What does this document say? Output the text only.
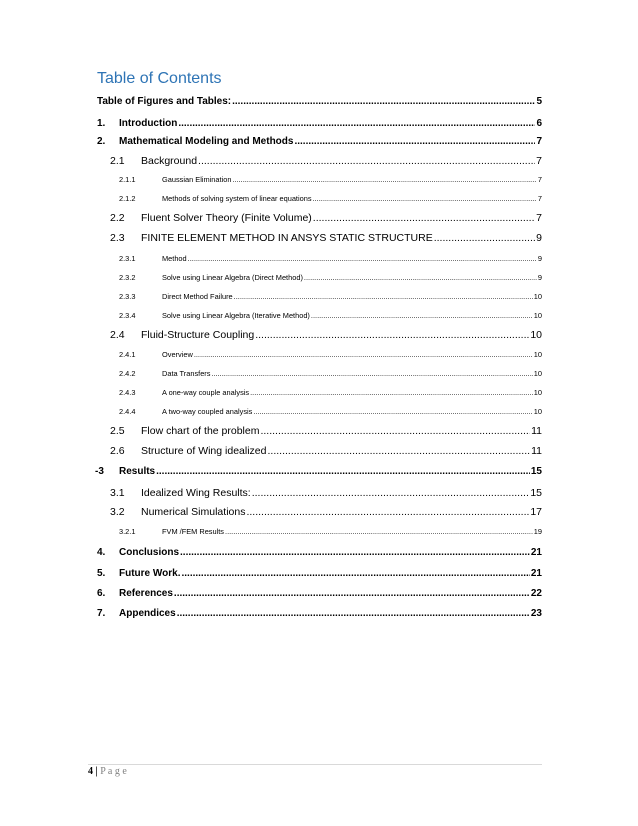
Table of Contents
Table of Figures and Tables: .....	5
1.	Introduction .....	6
2.	Mathematical Modeling and Methods .....	7
2.1	Background .....	7
2.1.1	Gaussian Elimination .....	7
2.1.2	Methods of solving system of linear equations .....	7
2.2	Fluent Solver Theory (Finite Volume) .....	7
2.3	FINITE ELEMENT METHOD IN ANSYS STATIC STRUCTURE .....	9
2.3.1	Method .....	9
2.3.2	Solve using Linear Algebra (Direct Method) .....	9
2.3.3	Direct Method Failure .....	10
2.3.4	Solve using Linear Algebra (Iterative Method) .....	10
2.4	Fluid-Structure Coupling .....	10
2.4.1	Overview .....	10
2.4.2	Data Transfers .....	10
2.4.3	A one-way couple analysis .....	10
2.4.4	A two-way coupled analysis .....	10
2.5	Flow chart of the problem .....	11
2.6	Structure of Wing idealized .....	11
-3	Results .....	15
3.1	Idealized Wing Results: .....	15
3.2	Numerical Simulations .....	17
3.2.1	FVM /FEM Results .....	19
4.	Conclusions .....	21
5.	Future Work. .....	21
6.	References .....	22
7.	Appendices .....	23
4 | P a g e
